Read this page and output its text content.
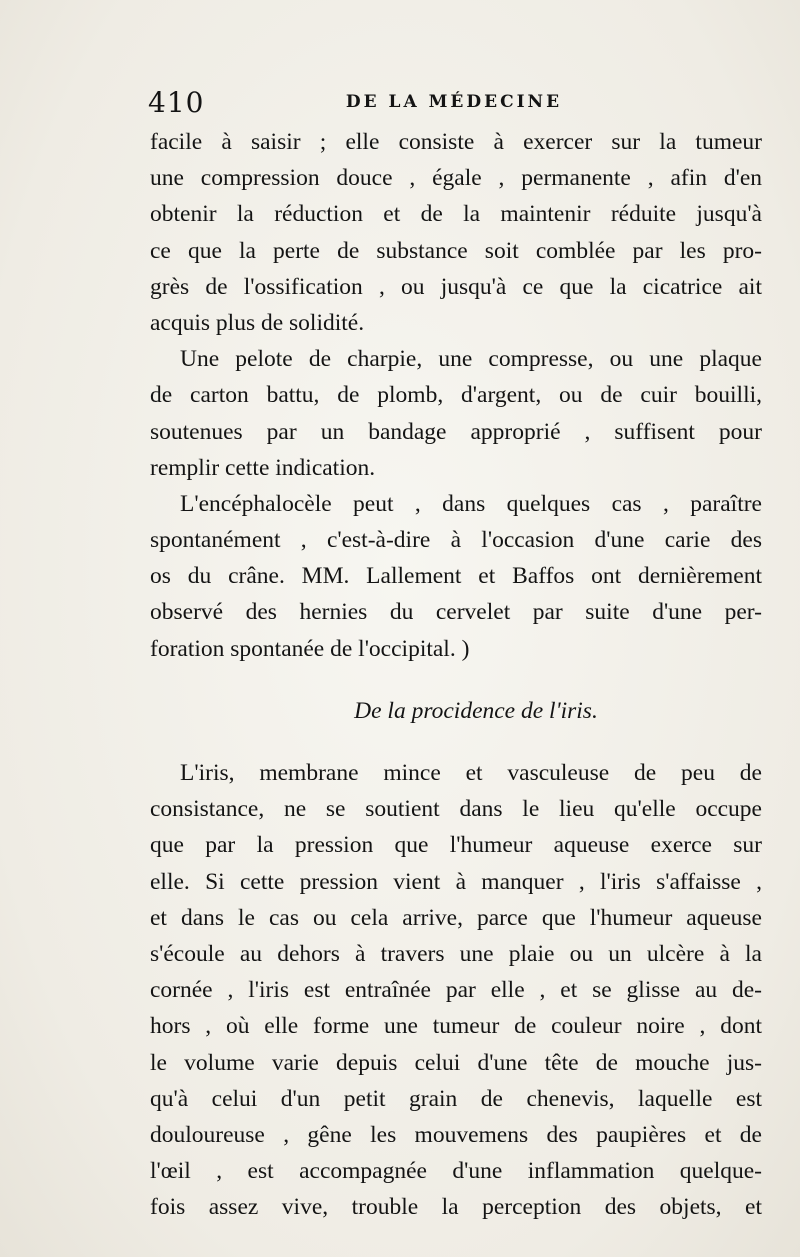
410	DE LA MÉDECINE
facile à saisir ; elle consiste à exercer sur la tumeur
une compression douce , égale , permanente , afin d'en
obtenir la réduction et de la maintenir réduite jusqu'à
ce que la perte de substance soit comblée par les pro-
grès de l'ossification , ou jusqu'à ce que la cicatrice ait
acquis plus de solidité.
Une pelote de charpie, une compresse, ou une plaque
de carton battu, de plomb, d'argent, ou de cuir bouilli,
soutenues par un bandage approprié , suffisent pour
remplir cette indication.
L'encéphalocèle peut , dans quelques cas , paraître
spontanément , c'est-à-dire à l'occasion d'une carie des
os du crâne. MM. Lallement et Baffos ont dernièrement
observé des hernies du cervelet par suite d'une per-
foration spontanée de l'occipital. )
De la procidence de l'iris.
L'iris, membrane mince et vasculeuse de peu de
consistance, ne se soutient dans le lieu qu'elle occupe
que par la pression que l'humeur aqueuse exerce sur
elle. Si cette pression vient à manquer , l'iris s'affaisse ,
et dans le cas ou cela arrive, parce que l'humeur aqueuse
s'écoule au dehors à travers une plaie ou un ulcère à la
cornée , l'iris est entraînée par elle , et se glisse au de-
hors , où elle forme une tumeur de couleur noire , dont
le volume varie depuis celui d'une tête de mouche jus-
qu'à celui d'un petit grain de chenevis, laquelle est
douloureuse , gêne les mouvemens des paupières et de
l'œil , est accompagnée d'une inflammation quelque-
fois assez vive, trouble la perception des objets, et
